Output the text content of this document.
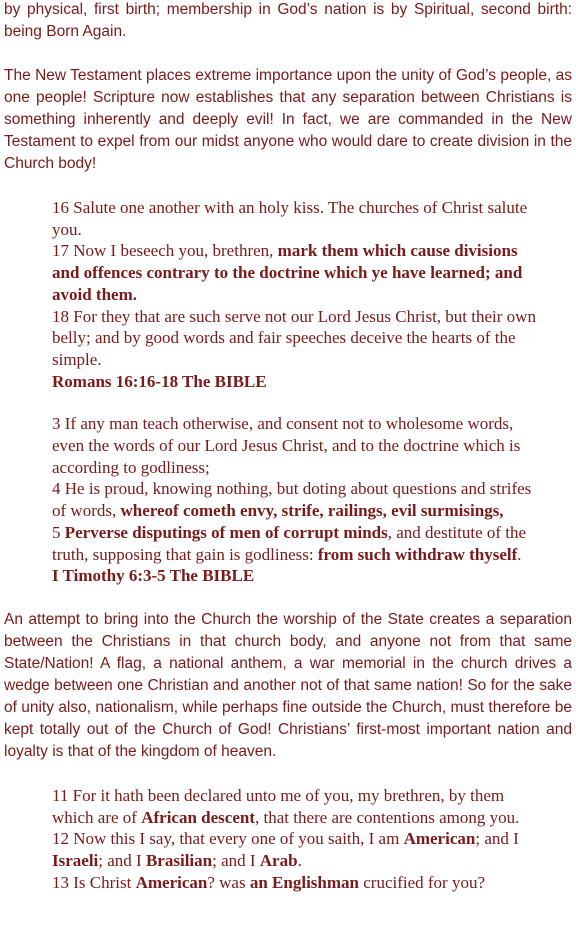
by physical, first birth; membership in God’s nation is by Spiritual, second birth: being Born Again.

The New Testament places extreme importance upon the unity of God’s people, as one people! Scripture now establishes that any separation between Christians is something inherently and deeply evil! In fact, we are commanded in the New Testament to expel from our midst anyone who would dare to create division in the Church body!

16 Salute one another with an holy kiss. The churches of Christ salute you.
17 Now I beseech you, brethren, mark them which cause divisions and offences contrary to the doctrine which ye have learned; and avoid them.
18 For they that are such serve not our Lord Jesus Christ, but their own belly; and by good words and fair speeches deceive the hearts of the simple.
Romans 16:16-18 The BIBLE
3 If any man teach otherwise, and consent not to wholesome words, even the words of our Lord Jesus Christ, and to the doctrine which is according to godliness;
4 He is proud, knowing nothing, but doting about questions and strifes of words, whereof cometh envy, strife, railings, evil surmisings,
5 Perverse disputings of men of corrupt minds, and destitute of the truth, supposing that gain is godliness: from such withdraw thyself.
I Timothy 6:3-5 The BIBLE

An attempt to bring into the Church the worship of the State creates a separation between the Christians in that church body, and anyone not from that same State/Nation! A flag, a national anthem, a war memorial in the church drives a wedge between one Christian and another not of that same nation! So for the sake of unity also, nationalism, while perhaps fine outside the Church, must therefore be kept totally out of the Church of God! Christians’ first-most important nation and loyalty is that of the kingdom of heaven.

11 For it hath been declared unto me of you, my brethren, by them which are of African descent, that there are contentions among you.
12 Now this I say, that every one of you saith, I am American; and I Israeli; and I Brasilian; and I Arab.
13 Is Christ American? was an Englishman crucified for you?
